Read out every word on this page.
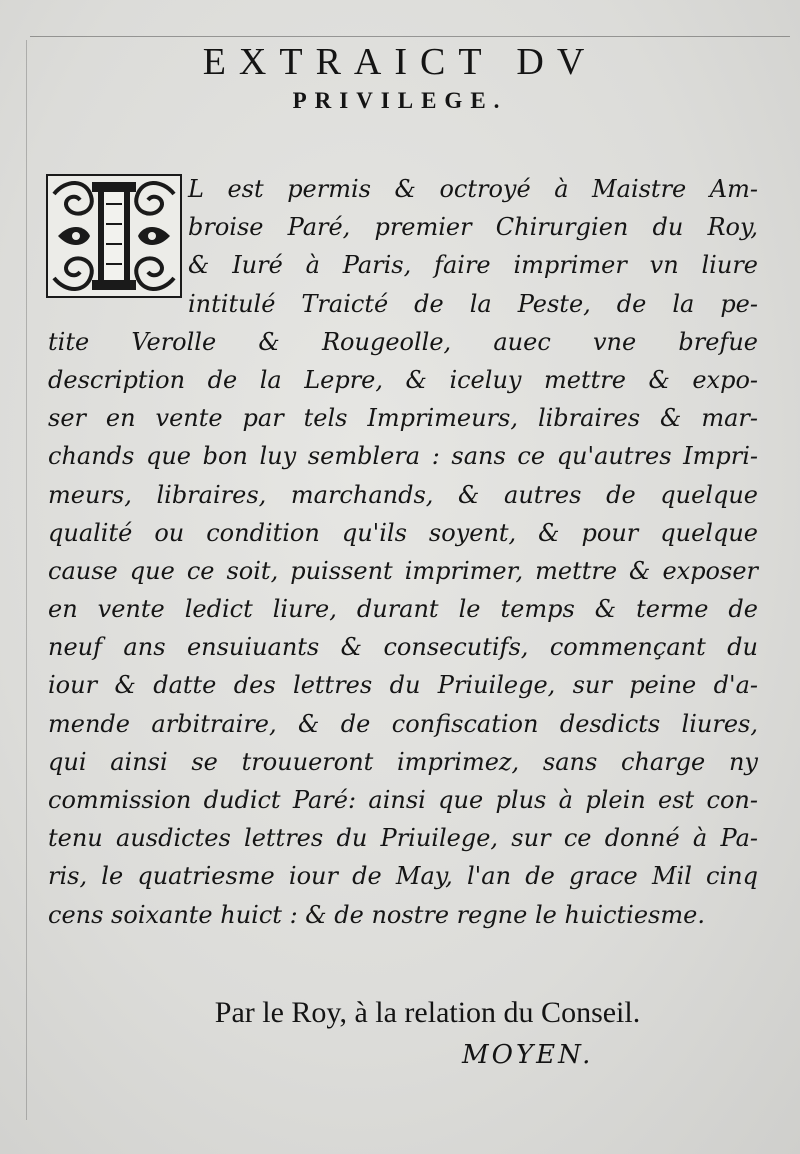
EXTRAICT DV
PRIVILEGE.
L est permis & octroyé à Maistre Am-
broise Paré, premier Chirurgien du Roy,
& Iuré à Paris, faire imprimer vn liure
intitulé Traicté de la Peste, de la pe-
tite Verolle & Rougeolle, auec vne brefue
description de la Lepre, & iceluy mettre & expo-
ser en vente par tels Imprimeurs, libraires & mar-
chands que bon luy semblera : sans ce qu'autres Impri-
meurs, libraires, marchands, & autres de quelque
qualité ou condition qu'ils soyent, & pour quelque
cause que ce soit, puissent imprimer, mettre & exposer
en vente ledict liure, durant le temps & terme de
neuf ans ensuiuants & consecutifs, commençant du
iour & datte des lettres du Priuilege, sur peine d'a-
mende arbitraire, & de confiscation desdicts liures,
qui ainsi se trouueront imprimez, sans charge ny
commission dudict Paré: ainsi que plus à plein est con-
tenu ausdictes lettres du Priuilege, sur ce donné à Pa-
ris, le quatriesme iour de May, l'an de grace Mil cinq
cens soixante huict : & de nostre regne le huictiesme.
Par le Roy, à la relation du Conseil.
MOYEN.
